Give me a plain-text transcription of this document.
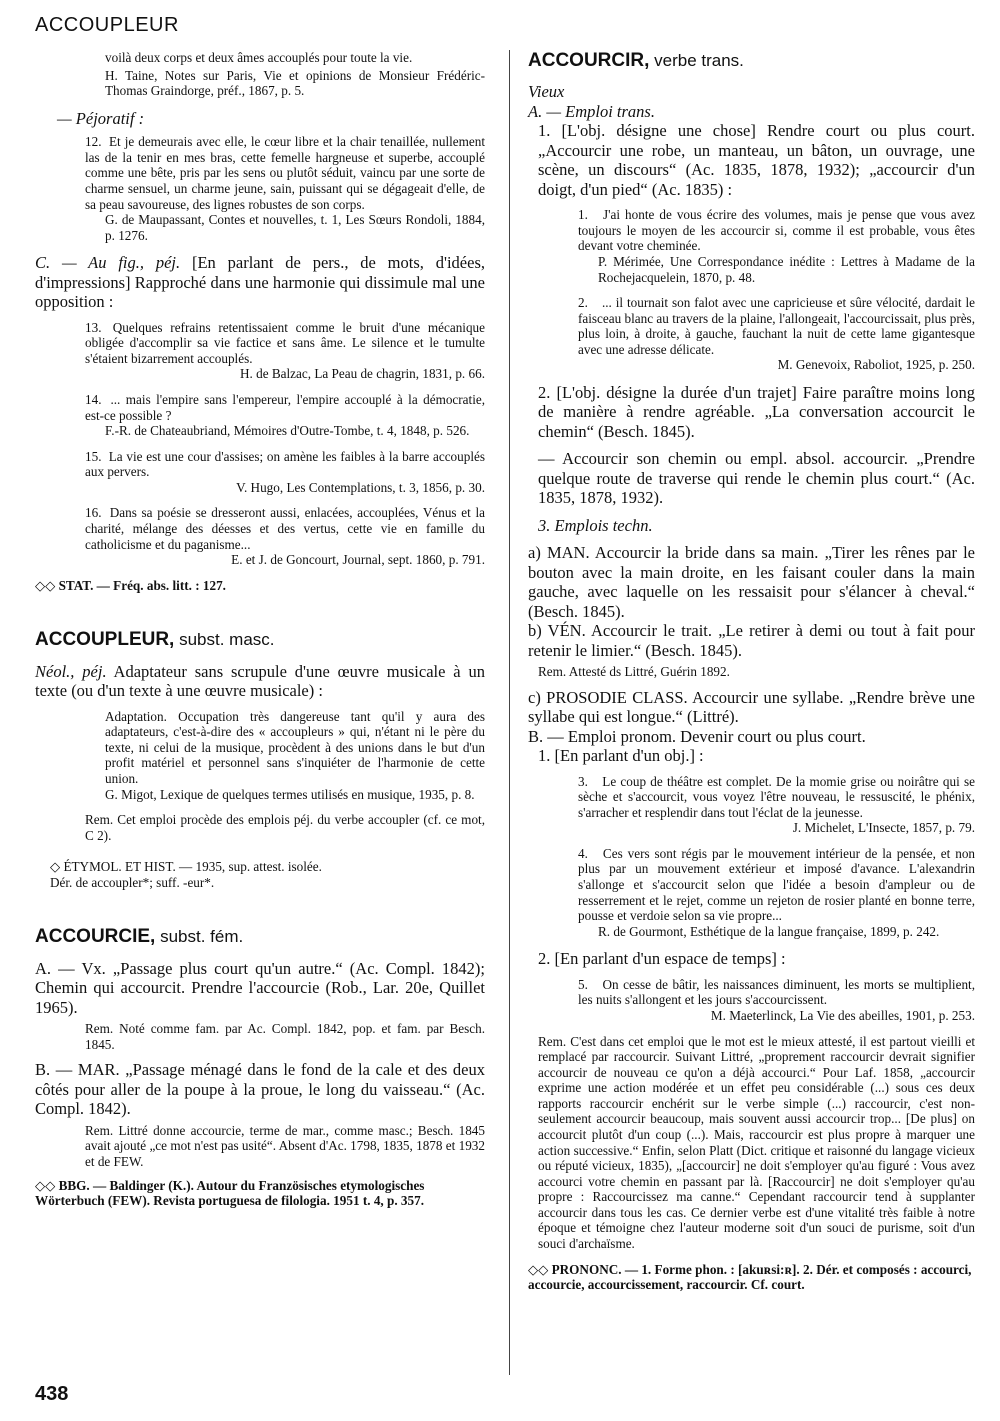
ACCOUPLEUR
voilà deux corps et deux âmes accouplés pour toute la vie.
H. Taine, Notes sur Paris, Vie et opinions de Monsieur Frédéric-Thomas Graindorge, préf., 1867, p. 5.
— Péjoratif :
12. Et je demeurais avec elle, le cœur libre et la chair tenaillée, nullement las de la tenir en mes bras, cette femelle hargneuse et superbe, accouplé comme une bête, pris par les sens ou plutôt séduit, vaincu par une sorte de charme sensuel, un charme jeune, sain, puissant qui se dégageait d'elle, de sa peau savoureuse, des lignes robustes de son corps.
G. de Maupassant, Contes et nouvelles, t. 1, Les Sœurs Rondoli, 1884, p. 1276.
C. — Au fig., péj. [En parlant de pers., de mots, d'idées, d'impressions] Rapproché dans une harmonie qui dissimule mal une opposition :
13. Quelques refrains retentissaient comme le bruit d'une mécanique obligée d'accomplir sa vie factice et sans âme. Le silence et le tumulte s'étaient bizarrement accouplés.
H. de Balzac, La Peau de chagrin, 1831, p. 66.
14. ... mais l'empire sans l'empereur, l'empire accouplé à la démocratie, est-ce possible ?
F.-R. de Chateaubriand, Mémoires d'Outre-Tombe, t. 4, 1848, p. 526.
15. La vie est une cour d'assises; on amène les faibles à la barre accouplés aux pervers.
V. Hugo, Les Contemplations, t. 3, 1856, p. 30.
16. Dans sa poésie se dresseront aussi, enlacées, accouplées, Vénus et la charité, mélange des déesses et des vertus, cette vie en famille du catholicisme et du paganisme...
E. et J. de Goncourt, Journal, sept. 1860, p. 791.
◇◇ STAT. — Fréq. abs. litt. : 127.
ACCOUPLEUR, subst. masc.
Néol., péj. Adaptateur sans scrupule d'une œuvre musicale à un texte (ou d'un texte à une œuvre musicale) :
Adaptation. Occupation très dangereuse tant qu'il y aura des adaptateurs, c'est-à-dire des « accoupleurs » qui, n'étant ni le père du texte, ni celui de la musique, procèdent à des unions dans le but d'un profit matériel et personnel sans s'inquiéter de l'harmonie de cette union.
G. Migot, Lexique de quelques termes utilisés en musique, 1935, p. 8.
Rem. Cet emploi procède des emplois péj. du verbe accoupler (cf. ce mot, C 2).
◇ ÉTYMOL. ET HIST. — 1935, sup. attest. isolée.
Dér. de accoupler*; suff. -eur*.
ACCOURCIE, subst. fém.
A. — Vx. „Passage plus court qu'un autre.“ (Ac. Compl. 1842); Chemin qui accourcit. Prendre l'accourcie (Rob., Lar. 20e, Quillet 1965).
Rem. Noté comme fam. par Ac. Compl. 1842, pop. et fam. par Besch. 1845.
B. — MAR. „Passage ménagé dans le fond de la cale et des deux côtés pour aller de la poupe à la proue, le long du vaisseau.“ (Ac. Compl. 1842).
Rem. Littré donne accourcie, terme de mar., comme masc.; Besch. 1845 avait ajouté „ce mot n'est pas usité“. Absent d'Ac. 1798, 1835, 1878 et 1932 et de FEW.
◇◇ BBG. — Baldinger (K.). Autour du Französisches etymologisches Wörterbuch (FEW). Revista portuguesa de filologia. 1951 t. 4, p. 357.
ACCOURCIR, verbe trans.
Vieux
A. — Emploi trans.
1. [L'obj. désigne une chose] Rendre court ou plus court. „Accourcir une robe, un manteau, un bâton, un ouvrage, une scène, un discours“ (Ac. 1835, 1878, 1932); „accourcir d'un doigt, d'un pied“ (Ac. 1835) :
1. J'ai honte de vous écrire des volumes, mais je pense que vous avez toujours le moyen de les accourcir si, comme il est probable, vous êtes devant votre cheminée.
P. Mérimée, Une Correspondance inédite : Lettres à Madame de la Rochejacquelein, 1870, p. 48.
2. ... il tournait son falot avec une capricieuse et sûre vélocité, dardait le faisceau blanc au travers de la plaine, l'allongeait, l'accourcissait, plus près, plus loin, à droite, à gauche, fauchant la nuit de cette lame gigantesque avec une adresse délicate.
M. Genevoix, Raboliot, 1925, p. 250.
2. [L'obj. désigne la durée d'un trajet] Faire paraître moins long de manière à rendre agréable. „La conversation accourcit le chemin“ (Besch. 1845).
— Accourcir son chemin ou empl. absol. accourcir. „Prendre quelque route de traverse qui rende le chemin plus court.“ (Ac. 1835, 1878, 1932).
3. Emplois techn.
a) MAN. Accourcir la bride dans sa main. „Tirer les rênes par le bouton avec la main droite, en les faisant couler dans la main gauche, avec laquelle on les ressaisit pour s'élancer à cheval.“ (Besch. 1845).
b) VÉN. Accourcir le trait. „Le retirer à demi ou tout à fait pour retenir le limier.“ (Besch. 1845).
Rem. Attesté ds Littré, Guérin 1892.
c) PROSODIE CLASS. Accourcir une syllabe. „Rendre brève une syllabe qui est longue.“ (Littré).
B. — Emploi pronom. Devenir court ou plus court.
1. [En parlant d'un obj.] :
3. Le coup de théâtre est complet. De la momie grise ou noirâtre qui se sèche et s'accourcit, vous voyez l'être nouveau, le ressuscité, le phénix, s'arracher et resplendir dans tout l'éclat de la jeunesse.
J. Michelet, L'Insecte, 1857, p. 79.
4. Ces vers sont régis par le mouvement intérieur de la pensée, et non plus par un mouvement extérieur et imposé d'avance. L'alexandrin s'allonge et s'accourcit selon que l'idée a besoin d'ampleur ou de resserrement et le rejet, comme un rejeton de rosier planté en bonne terre, pousse et verdoie selon sa vie propre...
R. de Gourmont, Esthétique de la langue française, 1899, p. 242.
2. [En parlant d'un espace de temps] :
5. On cesse de bâtir, les naissances diminuent, les morts se multiplient, les nuits s'allongent et les jours s'accourcissent.
M. Maeterlinck, La Vie des abeilles, 1901, p. 253.
Rem. C'est dans cet emploi que le mot est le mieux attesté, il est partout vieilli et remplacé par raccourcir. Suivant Littré, „proprement raccourcir devrait signifier accourcir de nouveau ce qu'on a déjà accourci.“ Pour Laf. 1858, „accourcir exprime une action modérée et un effet peu considérable (...) sous ces deux rapports raccourcir enchérit sur le verbe simple (...) raccourcir, c'est non-seulement accourcir beaucoup, mais souvent aussi accourcir trop... [De plus] on accourcit plutôt d'un coup (...). Mais, raccourcir est plus propre à marquer une action successive.“ Enfin, selon Platt (Dict. critique et raisonné du langage vicieux ou réputé vicieux, 1835), „[accourcir] ne doit s'employer qu'au figuré : Vous avez accourci votre chemin en passant par là. [Raccourcir] ne doit s'employer qu'au propre : Raccourcissez ma canne.“ Cependant raccourcir tend à supplanter accourcir dans tous les cas. Ce dernier verbe est d'une vitalité très faible à notre époque et témoigne chez l'auteur moderne soit d'un souci de purisme, soit d'un souci d'archaïsme.
◇◇ PRONONC. — 1. Forme phon. : [akuʀsi:ʀ]. 2. Dér. et composés : accourci, accourcie, accourcissement, raccourcir. Cf. court.
438
